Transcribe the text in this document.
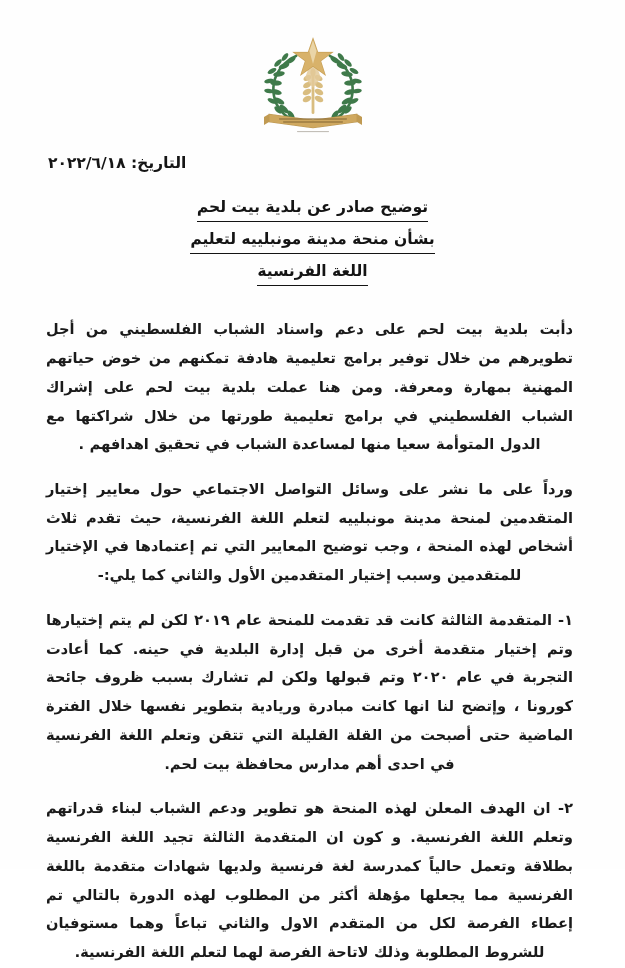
التاريخ: ٢٠٢٢/٦/١٨
توضيح صادر عن بلدية بيت لحم
بشأن منحة مدينة مونبلييه لتعليم
اللغة الفرنسية

دأبت بلدية بيت لحم على دعم واسناد الشباب الفلسطيني من أجل تطويرهم من خلال توفير برامج تعليمية هادفة تمكنهم من خوض حياتهم المهنية بمهارة ومعرفة. ومن هنا عملت بلدية بيت لحم على إشراك الشباب الفلسطيني في برامج تعليمية طورتها من خلال شراكتها مع الدول المتوأمة سعيا منها لمساعدة الشباب في تحقيق اهدافهم .

ورداً على ما نشر على وسائل التواصل الاجتماعي حول معايير إختيار المتقدمين لمنحة مدينة مونبلييه لتعلم اللغة الفرنسية، حيث تقدم ثلاث أشخاص لهذه المنحة ، وجب توضيح المعايير التي تم إعتمادها في الإختيار للمتقدمين وسبب إختيار المتقدمين الأول والثاني كما يلي:-

١- المتقدمة الثالثة كانت قد تقدمت للمنحة عام ٢٠١٩ لكن لم يتم إختيارها وتم إختيار متقدمة أخرى من قبل إدارة البلدية في حينه. كما أعادت التجربة في عام ٢٠٢٠ وتم قبولها ولكن لم تشارك بسبب ظروف جائحة كورونا ، وإتضح لنا انها كانت مبادرة وريادية بتطوير نفسها خلال الفترة الماضية حتى أصبحت من القلة القليلة التي تتقن وتعلم اللغة الفرنسية في احدى أهم مدارس محافظة بيت لحم.

٢- ان الهدف المعلن لهذه المنحة هو تطوير ودعم الشباب لبناء قدراتهم وتعلم اللغة الفرنسية. و كون ان المتقدمة الثالثة تجيد اللغة الفرنسية بطلاقة وتعمل حالياً كمدرسة لغة فرنسية ولديها شهادات متقدمة باللغة الفرنسية مما يجعلها مؤهلة أكثر من المطلوب لهذه الدورة بالتالي تم إعطاء الفرصة لكل من المتقدم الاول والثاني تباعاً وهما مستوفيان للشروط المطلوبة وذلك لاتاحة الفرصة لهما لتعلم اللغة الفرنسية.
